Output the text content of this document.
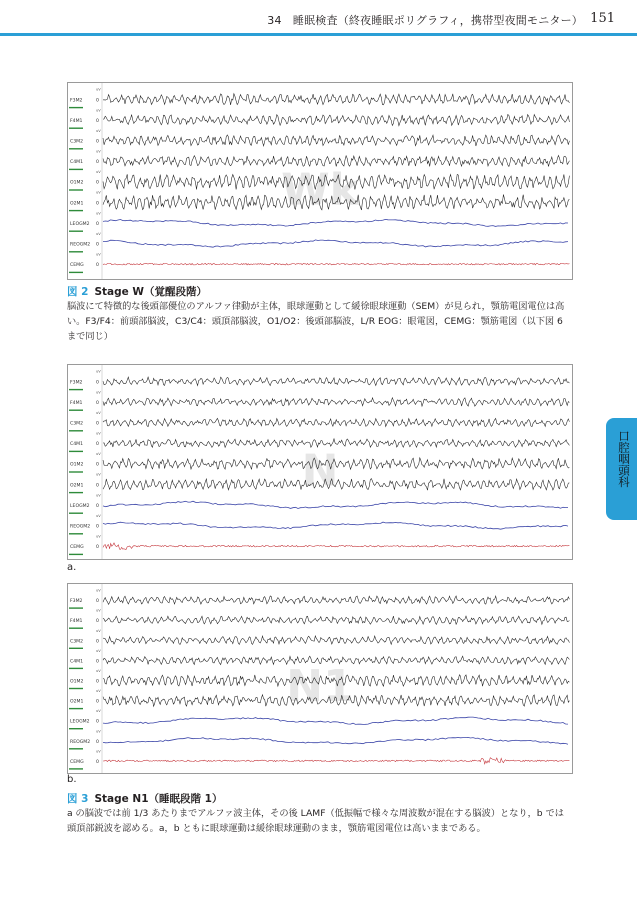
34　睡眠検査（終夜睡眠ポリグラフィ，携帯型夜間モニター） 151
口腔咽頭科
Wk
F3M2	0
uV
F4M1	0
uV
C3M2	0
uV
C4M1	0
uV
O1M2	0
uV
O2M1	0
uV
LEOGM2 0
uV
REOGM2 0
uV
CEMG	0
uV
図 2 Stage W（覚醒段階）
脳波にて特徴的な後頭部優位のアルファ律動が主体，眼球運動として緩徐眼球運動（SEM）が見られ，顎筋電図電位は高い。F3/F4：前頭部脳波，C3/C4：頭頂部脳波，O1/O2：後頭部脳波，L/R EOG：眼電図，CEMG：顎筋電図（以下図 6 まで同じ）
N
F3M2	0
uV
F4M1	0
uV
C3M2	0
uV
C4M1	0
uV
O1M2	0
uV
O2M1	0
uV
LEOGM2 0
uV
REOGM2 0
uV
CEMG	0
uV
a.
N1
F3M2	0
uV
F4M1	0
uV
C3M2	0
uV
C4M1	0
uV
O1M2	0
uV
O2M1	0
uV
LEOGM2 0
uV
REOGM2 0
uV
CEMG	0
uV
b.
図 3 Stage N1（睡眠段階 1）
a の脳波では前 1/3 あたりまでアルファ波主体，その後 LAMF（低振幅で様々な周波数が混在する脳波）となり，b では頭頂部鋭波を認める。a，b ともに眼球運動は緩徐眼球運動のまま，顎筋電図電位は高いままである。
